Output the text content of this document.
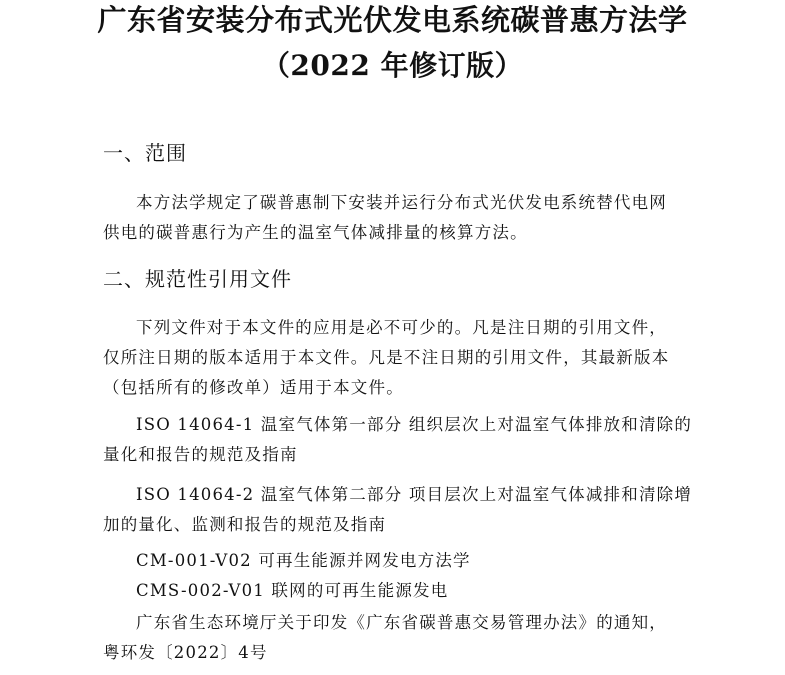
广东省安装分布式光伏发电系统碳普惠方法学
（2022 年修订版）
一、范围
本方法学规定了碳普惠制下安装并运行分布式光伏发电系统替代电网
供电的碳普惠行为产生的温室气体减排量的核算方法。
二、规范性引用文件
下列文件对于本文件的应用是必不可少的。凡是注日期的引用文件，
仅所注日期的版本适用于本文件。凡是不注日期的引用文件，其最新版本
（包括所有的修改单）适用于本文件。
ISO 14064-1 温室气体第一部分 组织层次上对温室气体排放和清除的
量化和报告的规范及指南
ISO 14064-2 温室气体第二部分 项目层次上对温室气体减排和清除增
加的量化、监测和报告的规范及指南
CM-001-V02 可再生能源并网发电方法学
CMS-002-V01 联网的可再生能源发电
广东省生态环境厅关于印发《广东省碳普惠交易管理办法》的通知，
粤环发〔2022〕4号
